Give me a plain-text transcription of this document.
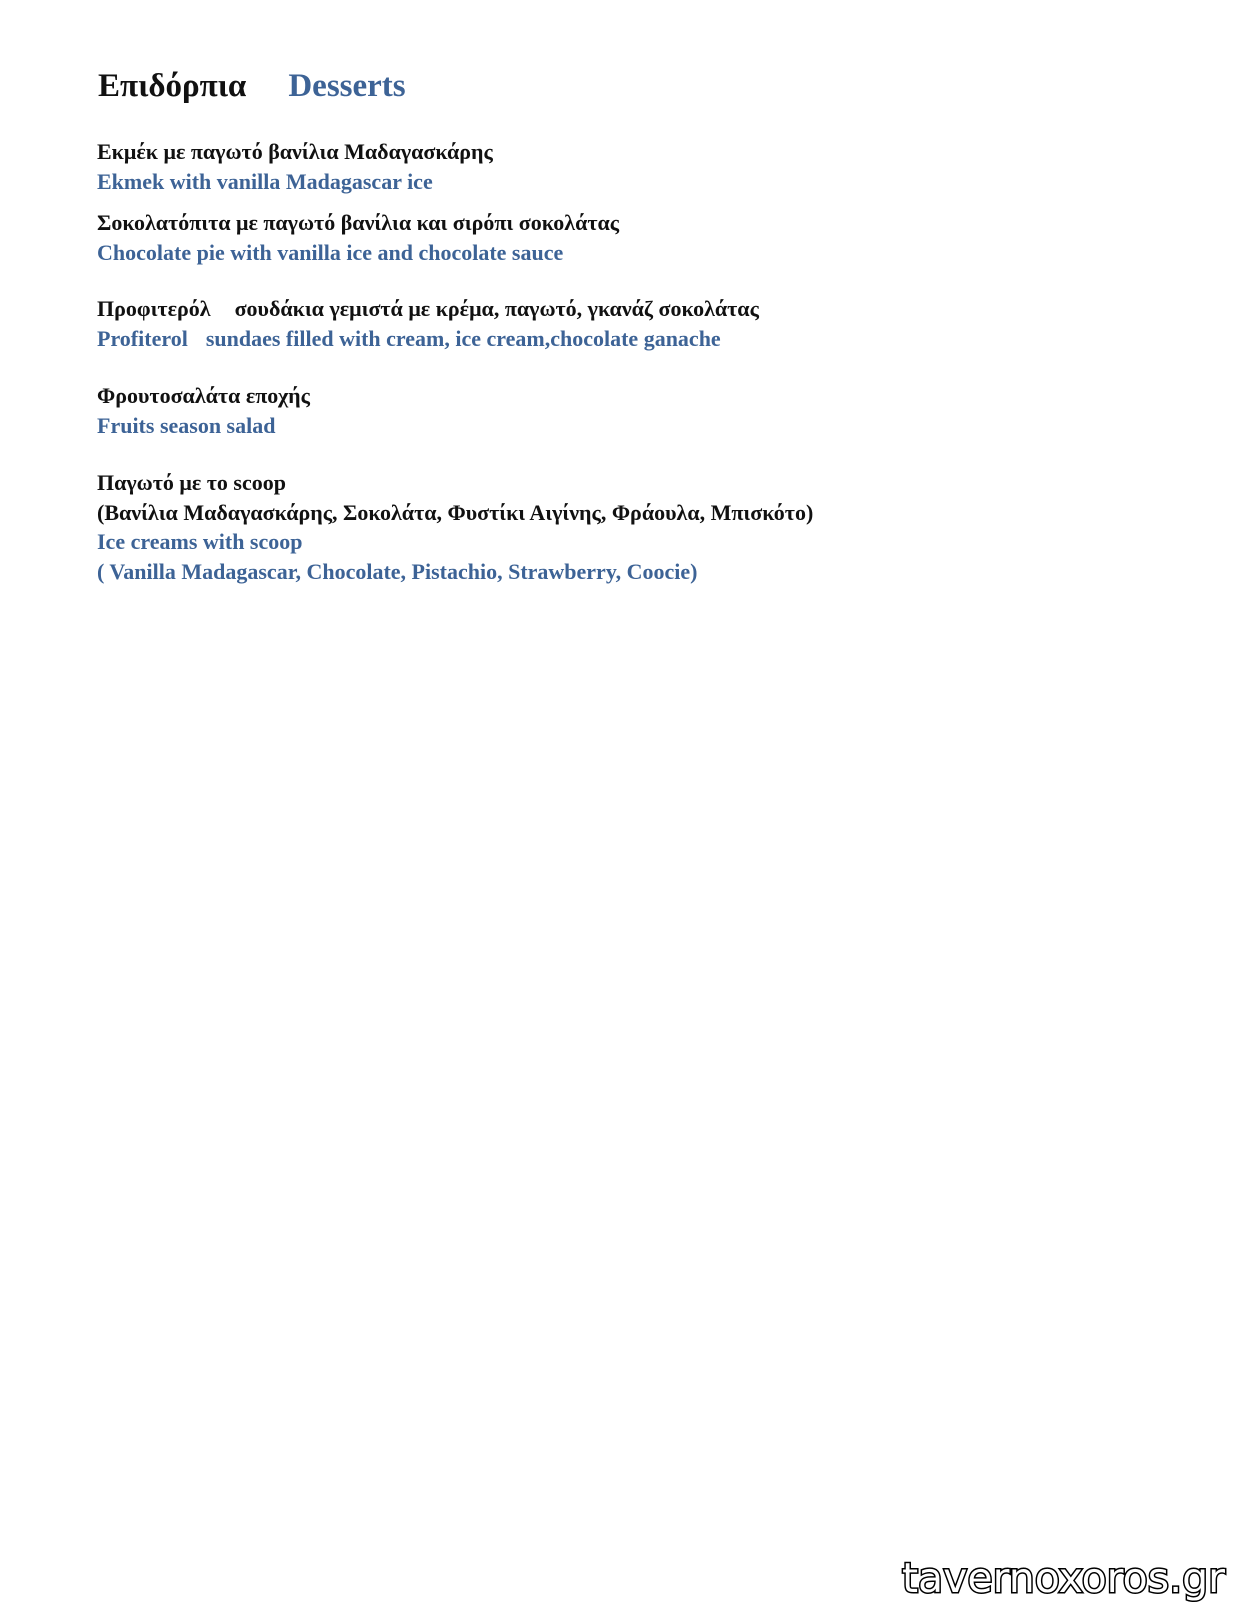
Επιδόρπια Desserts
Εκμέκ με παγωτό βανίλια Μαδαγασκάρης
Ekmek with vanilla Madagascar ice
Σοκολατόπιτα με παγωτό βανίλια και σιρόπι σοκολάτας
Chocolate pie with vanilla ice and chocolate sauce
Προφιτερόλ σουδάκια γεμιστά με κρέμα, παγωτό, γκανάζ σοκολάτας
Profiterol sundaes filled with cream, ice cream,chocolate ganache
Φρουτοσαλάτα εποχής
Fruits season salad
Παγωτό με το scoop
(Βανίλια Μαδαγασκάρης, Σοκολάτα, Φυστίκι Αιγίνης, Φράουλα, Μπισκότο)
Ice creams with scoop
( Vanilla Madagascar, Chocolate, Pistachio, Strawberry, Coocie)
tavernoxoros.gr
